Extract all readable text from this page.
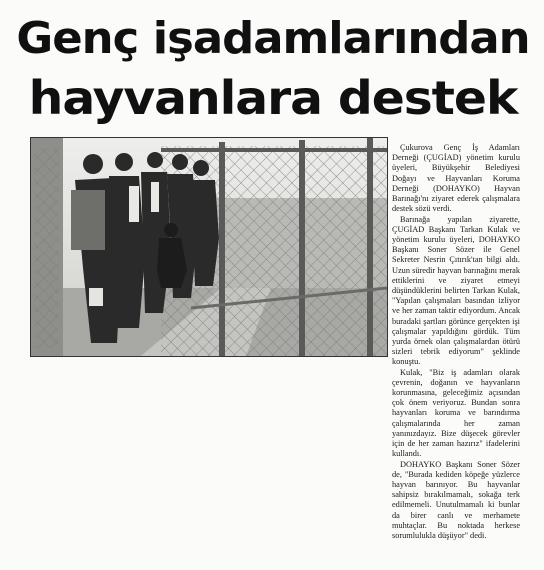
Genç işadamlarından
hayvanlara destek

Çukurova Genç İş Adamları Derneği (ÇUGİAD) yönetim kurulu üyeleri, Büyükşehir Belediyesi Doğayı ve Hayvanları Koruma Derneği (DOHAYKO) Hayvan Barınağı'nı ziyaret ederek çalışmalara destek sözü verdi.

Barınağa yapılan ziyarette, ÇUGİAD Başkanı Tarkan Kulak ve yönetim kurulu üyeleri, DOHAYKO Başkanı Soner Sözer ile Genel Sekreter Nesrin Çıtırık'tan bilgi aldı. Uzun süredir hayvan barınağını merak ettiklerini ve ziyaret etmeyi düşündüklerini belirten Tarkan Kulak, "Yapılan çalışmaları basından izliyor ve her zaman taktir ediyordum. Ancak buradaki şartları görünce gerçekten işi çalışmalar yapıldığını gördük. Tüm yurda örnek olan çalışmalardan ötürü sizleri tebrik ediyorum" şeklinde konuştu.

Kulak, "Biz iş adamları olarak çevrenin, doğanın ve hayvanların korunmasına, geleceğimiz açısından çok önem veriyoruz. Bundan sonra hayvanları koruma ve barındırma çalışmalarında her zaman yanınızdayız. Bize düşecek görevler için de her zaman hazırız" ifadelerini kullandı.

DOHAYKO Başkanı Soner Sözer de, "Burada kediden köpeğe yüzlerce hayvan barınıyor. Bu hayvanlar sahipsiz bırakılmamalı, sokağa terk edilmemeli. Unutulmamalı ki bunlar da birer canlı ve merhamete muhtaçlar. Bu noktada herkese sorumlulukla düşüyor" dedi.
